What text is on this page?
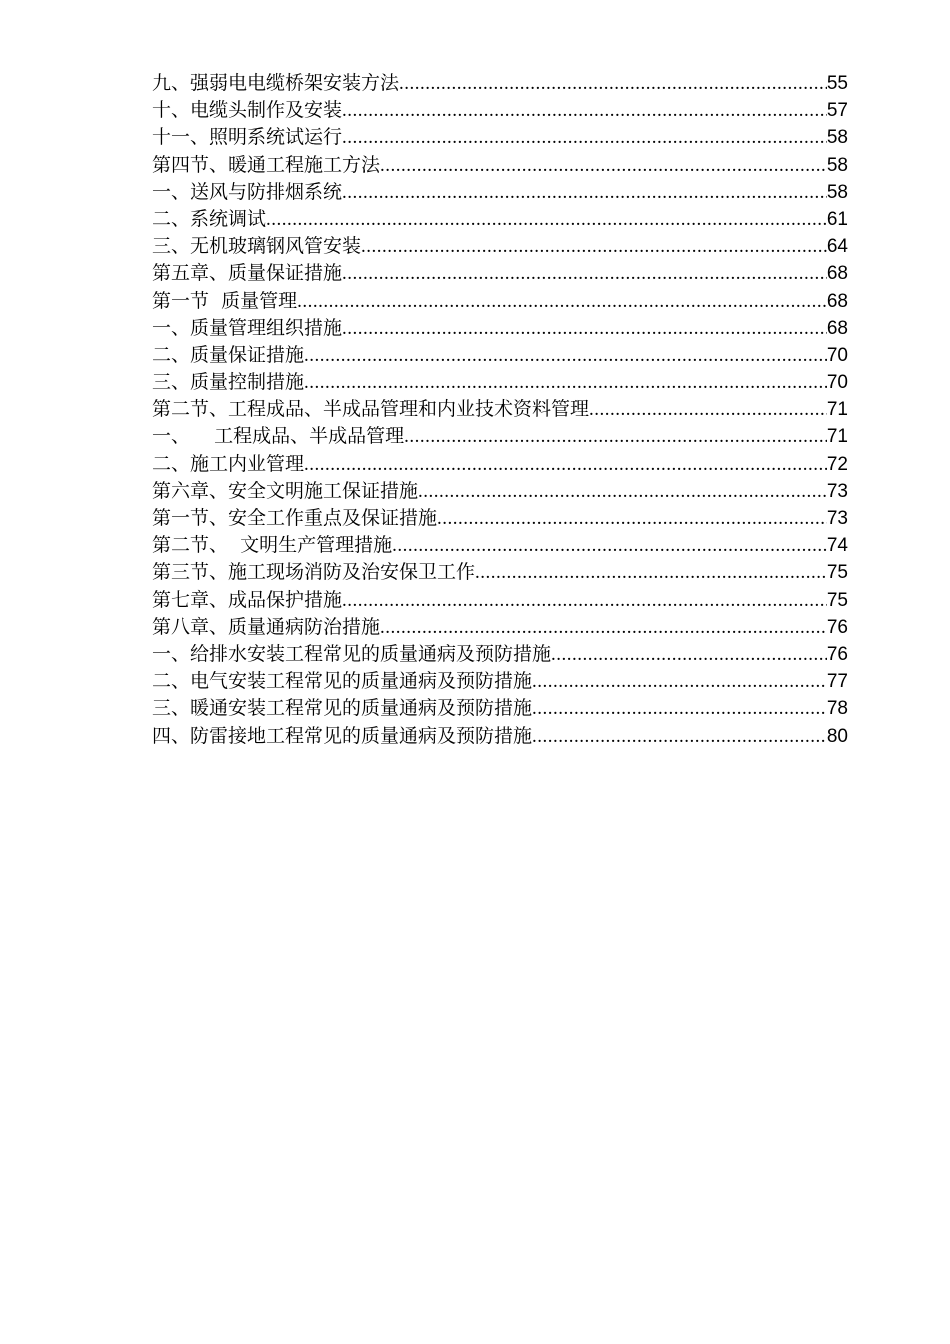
九、强弱电电缆桥架安装方法 .....	55
十、电缆头制作及安装 .....	57
十一、照明系统试运行 .....	58
第四节、暖通工程施工方法 .....	58
一、送风与防排烟系统 .....	58
二、系统调试 .....	61
三、无机玻璃钢风管安装 .....	64
第五章、质量保证措施 .....	68
第一节  质量管理 .....	68
一、质量管理组织措施 .....	68
二、质量保证措施 .....	70
三、质量控制措施 .....	70
第二节、工程成品、半成品管理和内业技术资料管理 .....	71
一、    工程成品、半成品管理 .....	71
二、施工内业管理 .....	72
第六章、安全文明施工保证措施 .....	73
第一节、安全工作重点及保证措施 .....	73
第二节、  文明生产管理措施 .....	74
第三节、施工现场消防及治安保卫工作 .....	75
第七章、成品保护措施 .....	75
第八章、质量通病防治措施 .....	76
一、给排水安装工程常见的质量通病及预防措施 .....	76
二、电气安装工程常见的质量通病及预防措施 .....	77
三、暖通安装工程常见的质量通病及预防措施 .....	78
四、防雷接地工程常见的质量通病及预防措施 .....	80
